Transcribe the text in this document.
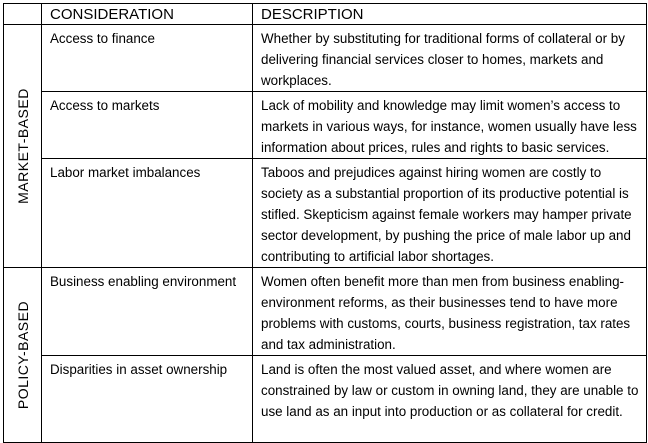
	CONSIDERATION	DESCRIPTION

MARKET-BASED	Access to finance	Whether by substituting for traditional forms of collateral or by delivering financial services closer to homes, markets and workplaces.

	Access to markets	Lack of mobility and knowledge may limit women’s access to markets in various ways, for instance, women usually have less information about prices, rules and rights to basic services.

	Labor market imbalances	Taboos and prejudices against hiring women are costly to society as a substantial proportion of its productive potential is stifled. Skepticism against female workers may hamper private sector development, by pushing the price of male labor up and contributing to artificial labor shortages.

POLICY-BASED	Business enabling environment	Women often benefit more than men from business enabling-environment reforms, as their businesses tend to have more problems with customs, courts, business registration, tax rates and tax administration.

	Disparities in asset ownership	Land is often the most valued asset, and where women are constrained by law or custom in owning land, they are unable to use land as an input into production or as collateral for credit.
